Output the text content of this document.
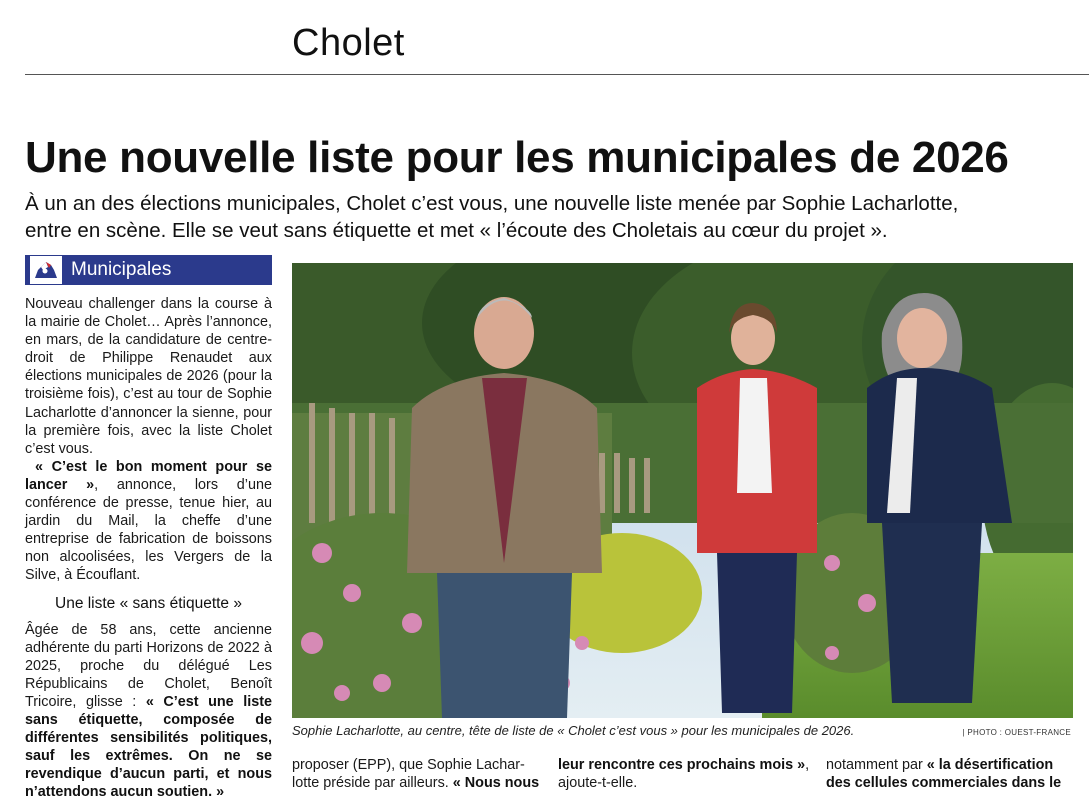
Cholet
Une nouvelle liste pour les municipales de 2026

À un an des élections municipales, Cholet c’est vous, une nouvelle liste menée par Sophie Lacharlotte,

entre en scène. Elle se veut sans étiquette et met « l’écoute des Choletais au cœur du projet ».

Municipales

Nouveau challenger dans la course à la mairie de Cholet… Après l’annonce, en mars, de la candidature de centre-droit de Philippe Renaudet aux élections municipales de 2026 (pour la troisième fois), c’est au tour de Sophie Lacharlotte d’annoncer la sienne, pour la première fois, avec la liste Cholet c’est vous.

« C’est le bon moment pour se lancer », annonce, lors d’une conférence de presse, tenue hier, au jardin du Mail, la cheffe d’une entreprise de fabrication de boissons non alcoolisées, les Vergers de la Silve, à Écouflant.

Une liste « sans étiquette »

Âgée de 58 ans, cette ancienne adhérente du parti Horizons de 2022 à 2025, proche du délégué Les Républicains de Cholet, Benoît Tricoire, glisse : « C’est une liste sans étiquette, composée de différentes sensibilités politiques, sauf les extrêmes. On ne se revendique d’aucun parti, et nous n’attendons aucun soutien. »

Sophie Lacharlotte, au centre, tête de liste de « Cholet c’est vous » pour les municipales de 2026.	| PHOTO : OUEST-FRANCE

proposer (EPP), que Sophie Lachar-

lotte préside par ailleurs. « Nous nous

leur rencontre ces prochains mois »,

ajoute-t-elle.

notamment par « la désertification

des cellules commerciales dans le
